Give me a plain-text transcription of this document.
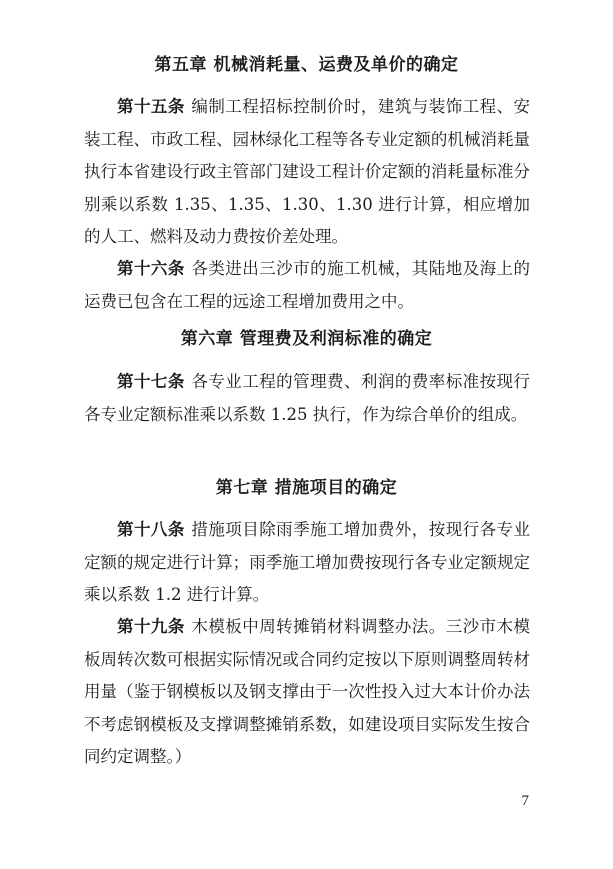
第五章 机械消耗量、运费及单价的确定
第十五条 编制工程招标控制价时，建筑与装饰工程、安装工程、市政工程、园林绿化工程等各专业定额的机械消耗量执行本省建设行政主管部门建设工程计价定额的消耗量标准分别乘以系数 1.35、1.35、1.30、1.30 进行计算，相应增加的人工、燃料及动力费按价差处理。
第十六条 各类进出三沙市的施工机械，其陆地及海上的运费已包含在工程的远途工程增加费用之中。
第六章 管理费及利润标准的确定
第十七条 各专业工程的管理费、利润的费率标准按现行各专业定额标准乘以系数 1.25 执行，作为综合单价的组成。
第七章 措施项目的确定
第十八条 措施项目除雨季施工增加费外，按现行各专业定额的规定进行计算；雨季施工增加费按现行各专业定额规定乘以系数 1.2 进行计算。
第十九条 木模板中周转摊销材料调整办法。三沙市木模板周转次数可根据实际情况或合同约定按以下原则调整周转材用量（鉴于钢模板以及钢支撑由于一次性投入过大本计价办法不考虑钢模板及支撑调整摊销系数，如建设项目实际发生按合同约定调整。）
7
